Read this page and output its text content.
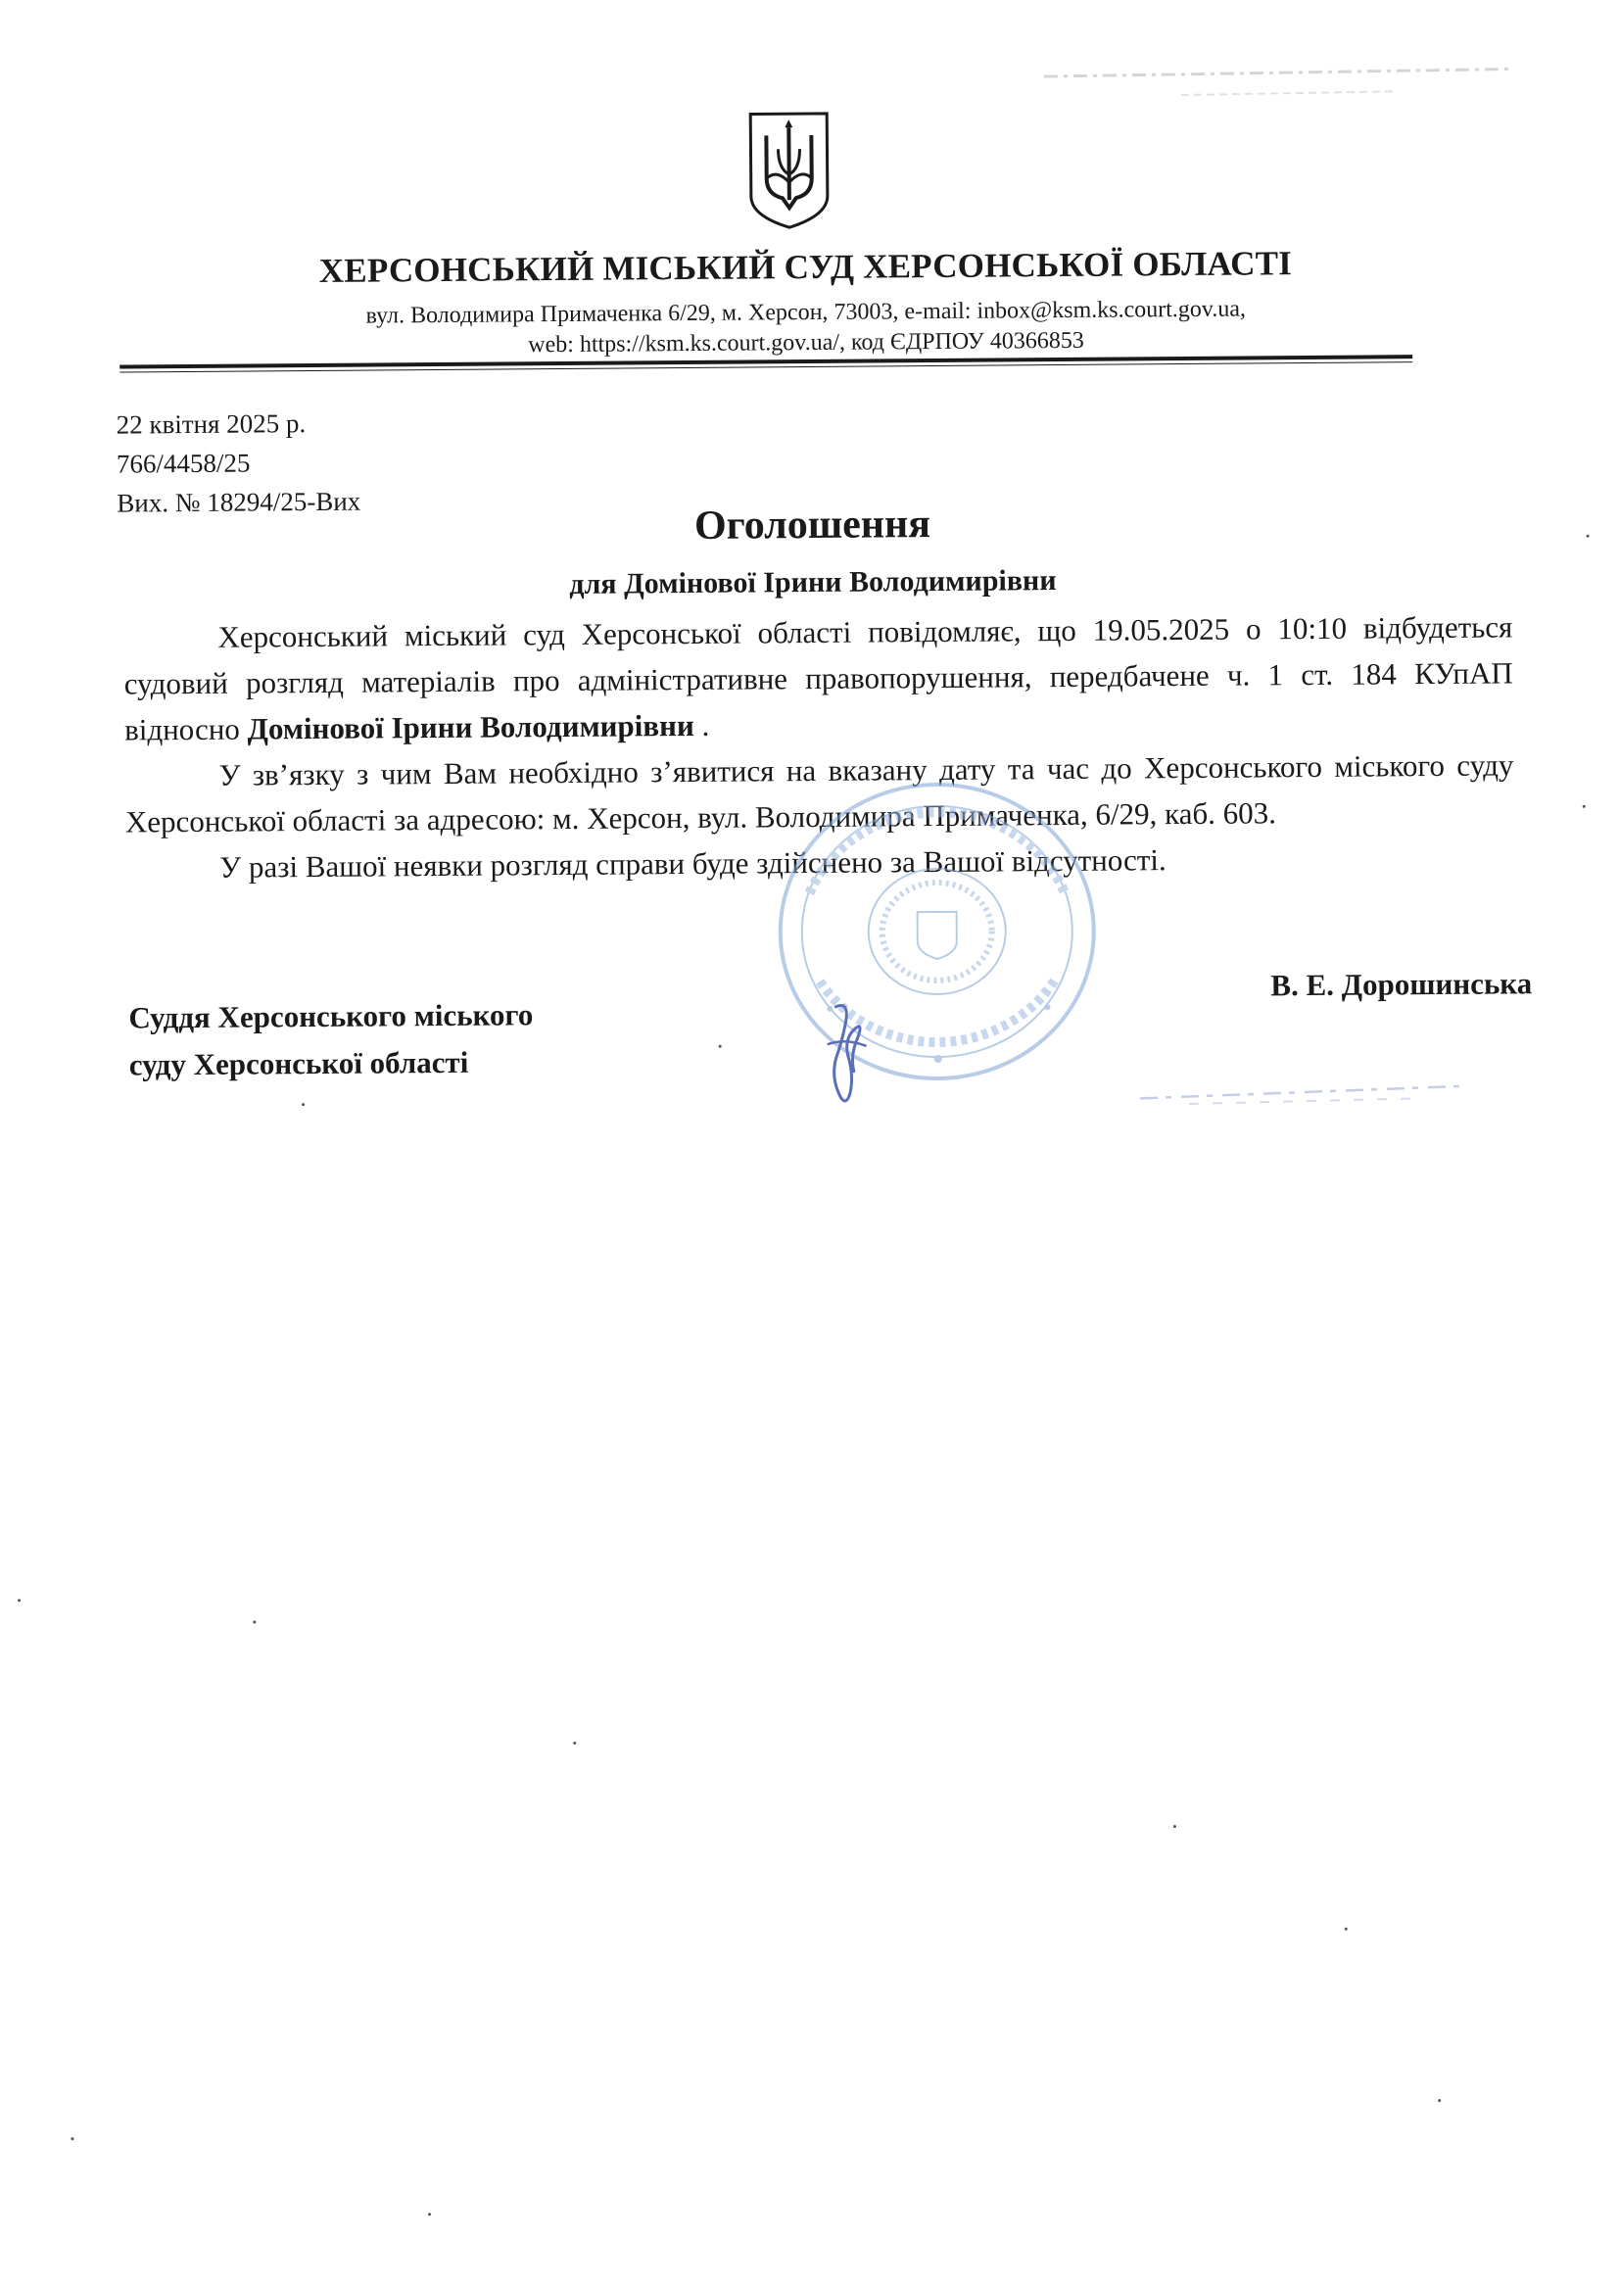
ХЕРСОНСЬКИЙ МІСЬКИЙ СУД ХЕРСОНСЬКОЇ ОБЛАСТІ
вул. Володимира Примаченка 6/29, м. Херсон, 73003, e-mail: inbox@ksm.ks.court.gov.ua,
web: https://ksm.ks.court.gov.ua/, код ЄДРПОУ 40366853
22 квітня 2025 р.
766/4458/25
Вих. № 18294/25-Вих	Оголошення
для Домінової Ірини Володимирівни

Херсонський міський суд Херсонської області повідомляє, що 19.05.2025 о 10:10 відбудеться судовий розгляд матеріалів про адміністративне правопорушення, передбачене ч. 1 ст. 184 КУпАП відносно Домінової Ірини Володимирівни .

У зв’язку з чим Вам необхідно з’явитися на вказану дату та час до Херсонського міського суду Херсонської області за адресою: м. Херсон, вул. Володимира Примаченка, 6/29, каб. 603.

У разі Вашої неявки розгляд справи буде здійснено за Вашої відсутності.

Суддя Херсонського міського
суду Херсонської області
В. Е. Дорошинська
